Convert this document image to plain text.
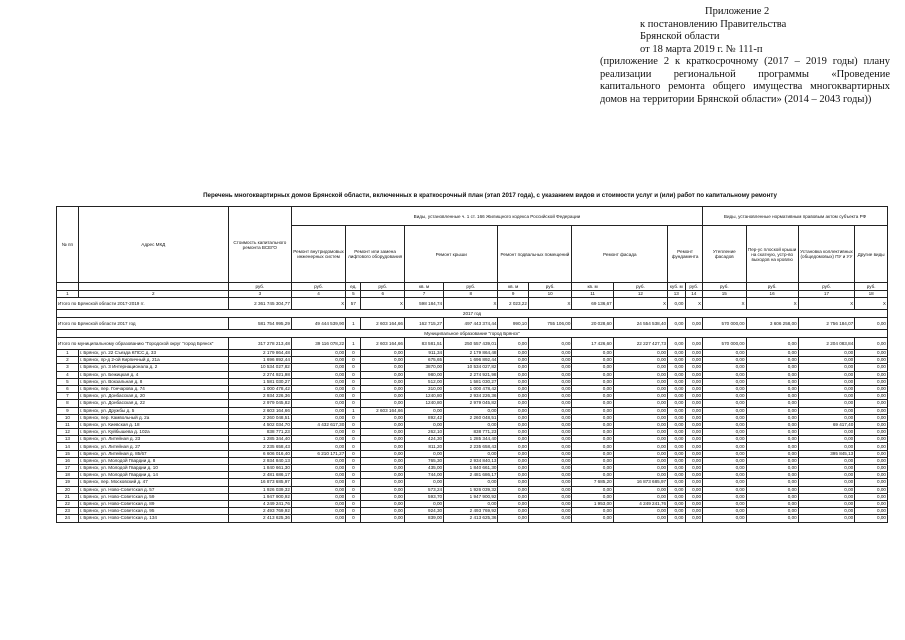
Приложение 2
к постановлению Правительства
Брянской области
от 18 марта 2019 г. № 111-п
(приложение 2 к краткосрочному (2017 – 2019 годы) плану реализации региональной программы «Проведение капитального ремонта общего имущества многоквартирных домов на территории Брянской области» (2014 – 2043 годы))
Перечень многоквартирных домов Брянской области, включенных в краткосрочный план (этап 2017 года), с указанием видов и стоимости услуг и (или) работ по капитальному ремонту
№ пп	Адрес МКД	Стоимость капитального ремонта ВСЕГО	Виды, установленные ч. 1 ст. 166 Жилищного кодекса Российской Федерации											Виды, установленные нормативным правовым актом субъекта РФ			
			Ремонт внутридомовых инженерных систем	Ремонт или замена лифтового оборудования		Ремонт крыши		Ремонт подвальных помещений		Ремонт фасада		Ремонт фундамента		Утепление фасадов	Пер-ус плоской крыши на скатную, устр-во выходов на кровлю	Установка коллективных (общедомовых) ПУ и УУ	Другие виды
		руб.	руб.	ед.	руб.	кв. м	руб.	кв. м	руб.	кв. м	руб.	куб. м	руб.	руб.	руб.	руб.	руб.
1	2	3	4	5	6	7	8	9	10	11	12	13	14	15	16	17	18
Итого по Брянской области 2017-2019 гг.		2 361 745 304,77	X	57	X	598 184,74	X	2 023,22	X	69 136,67	X	0,00	X	X	X	X	X
2017 год																	
Итого по Брянской области 2017 год		581 754 995,29	49 444 539,90	1	2 603 164,66	162 715,27	497 443 374,44	990,10	755 106,00	20 028,60	24 554 538,40	0,00	0,00	570 000,00	3 606 258,00	2 756 184,07	0,00
Муниципальное образование "город Брянск"																	
Итого по муниципальному образованию "Городской округ "город Брянск"		317 278 213,48	39 116 078,22	1	2 603 164,66	83 581,51	250 557 439,01	0,00	0,00	17 426,60	22 227 427,73	0,00	0,00	570 000,00	0,00	2 204 083,84	0,00
1	г. Брянск, ул. 22 Съезда КПСС д. 33	2 179 864,48	0,00	0	0,00	911,34	2 179 864,48	0,00	0,00	0,00	0,00	0,00	0,00	0,00	0,00	0,00	0,00
2	г. Брянск, пр-д 2-ой Кирпичный д. 21а	1 696 892,44	0,00	0	0,00	675,65	1 696 892,44	0,00	0,00	0,00	0,00	0,00	0,00	0,00	0,00	0,00	0,00
3	г. Брянск, ул. 3 Интернационала д. 2	10 534 027,82	0,00	0	0,00	3870,00	10 534 027,82	0,00	0,00	0,00	0,00	0,00	0,00	0,00	0,00	0,00	0,00
4	г. Брянск, ул. Бежицкая д. 4	2 274 921,98	0,00	0	0,00	980,00	2 274 921,98	0,00	0,00	0,00	0,00	0,00	0,00	0,00	0,00	0,00	0,00
5	г. Брянск, ул. Вокзальная д. 8	1 581 030,27	0,00	0	0,00	512,00	1 581 030,27	0,00	0,00	0,00	0,00	0,00	0,00	0,00	0,00	0,00	0,00
6	г. Брянск, пер. Гончарова д. 74	1 000 478,42	0,00	0	0,00	310,00	1 000 478,42	0,00	0,00	0,00	0,00	0,00	0,00	0,00	0,00	0,00	0,00
7	г. Брянск, ул. Донбасская д. 20	2 934 226,36	0,00	0	0,00	1240,80	2 934 226,36	0,00	0,00	0,00	0,00	0,00	0,00	0,00	0,00	0,00	0,00
8	г. Брянск, ул. Донбасская д. 22	2 979 045,82	0,00	0	0,00	1240,80	2 979 045,82	0,00	0,00	0,00	0,00	0,00	0,00	0,00	0,00	0,00	0,00
9	г. Брянск, ул. Дружбы д. 5	2 603 164,66	0,00	1	2 603 164,66	0,00	0,00	0,00	0,00	0,00	0,00	0,00	0,00	0,00	0,00	0,00	0,00
10	г. Брянск, пер. Камвольный д. 2а	2 260 048,51	0,00	0	0,00	892,42	2 260 048,51	0,00	0,00	0,00	0,00	0,00	0,00	0,00	0,00	0,00	0,00
11	г. Брянск, ул. Киевская д. 18	4 502 034,70	4 432 617,30	0	0,00	0,00	0,00	0,00	0,00	0,00	0,00	0,00	0,00	0,00	0,00	69 417,40	0,00
12	г. Брянск, ул. Куйбышева д. 102а	838 771,23	0,00	0	0,00	262,10	838 771,23	0,00	0,00	0,00	0,00	0,00	0,00	0,00	0,00	0,00	0,00
13	г. Брянск, ул. Литейная д. 23	1 285 344,40	0,00	0	0,00	424,30	1 285 344,40	0,00	0,00	0,00	0,00	0,00	0,00	0,00	0,00	0,00	0,00
14	г. Брянск, ул. Литейная д. 27	2 235 658,43	0,00	0	0,00	811,20	2 235 658,43	0,00	0,00	0,00	0,00	0,00	0,00	0,00	0,00	0,00	0,00
15	г. Брянск, ул. Литейная д. 85/67	6 606 016,40	6 210 171,27	0	0,00	0,00	0,00	0,00	0,00	0,00	0,00	0,00	0,00	0,00	0,00	395 845,13	0,00
16	г. Брянск, ул. Молодой Гвардии д. 8	2 934 840,13	0,00	0	0,00	765,30	2 934 840,13	0,00	0,00	0,00	0,00	0,00	0,00	0,00	0,00	0,00	0,00
17	г. Брянск, ул. Молодой Гвардии д. 10	1 840 661,30	0,00	0	0,00	435,00	1 840 661,30	0,00	0,00	0,00	0,00	0,00	0,00	0,00	0,00	0,00	0,00
18	г. Брянск, ул. Молодой Гвардии д. 14	2 481 686,17	0,00	0	0,00	744,00	2 481 686,17	0,00	0,00	0,00	0,00	0,00	0,00	0,00	0,00	0,00	0,00
19	г. Брянск, пер. Московский д. 47	16 873 685,97	0,00	0	0,00	0,00	0,00	0,00	0,00	7 685,20	16 873 685,97	0,00	0,00	0,00	0,00	0,00	0,00
20	г. Брянск, ул. Ново-Советская д. 57	1 926 039,32	0,00	0	0,00	573,24	1 926 039,32	0,00	0,00	0,00	0,00	0,00	0,00	0,00	0,00	0,00	0,00
21	г. Брянск, ул. Ново-Советская д. 59	1 947 900,92	0,00	0	0,00	593,70	1 947 900,92	0,00	0,00	0,00	0,00	0,00	0,00	0,00	0,00	0,00	0,00
22	г. Брянск, ул. Ново-Советская д. 89	4 249 241,76	0,00	0	0,00	0,00	0,00	0,00	0,00	1 953,00	4 249 241,76	0,00	0,00	0,00	0,00	0,00	0,00
23	г. Брянск, ул. Ново-Советская д. 95	2 493 769,92	0,00	0	0,00	924,30	2 493 769,92	0,00	0,00	0,00	0,00	0,00	0,00	0,00	0,00	0,00	0,00
24	г. Брянск, ул. Ново-Советская д. 134	2 413 625,36	0,00	0	0,00	839,00	2 413 625,36	0,00	0,00	0,00	0,00	0,00	0,00	0,00	0,00	0,00	0,00
